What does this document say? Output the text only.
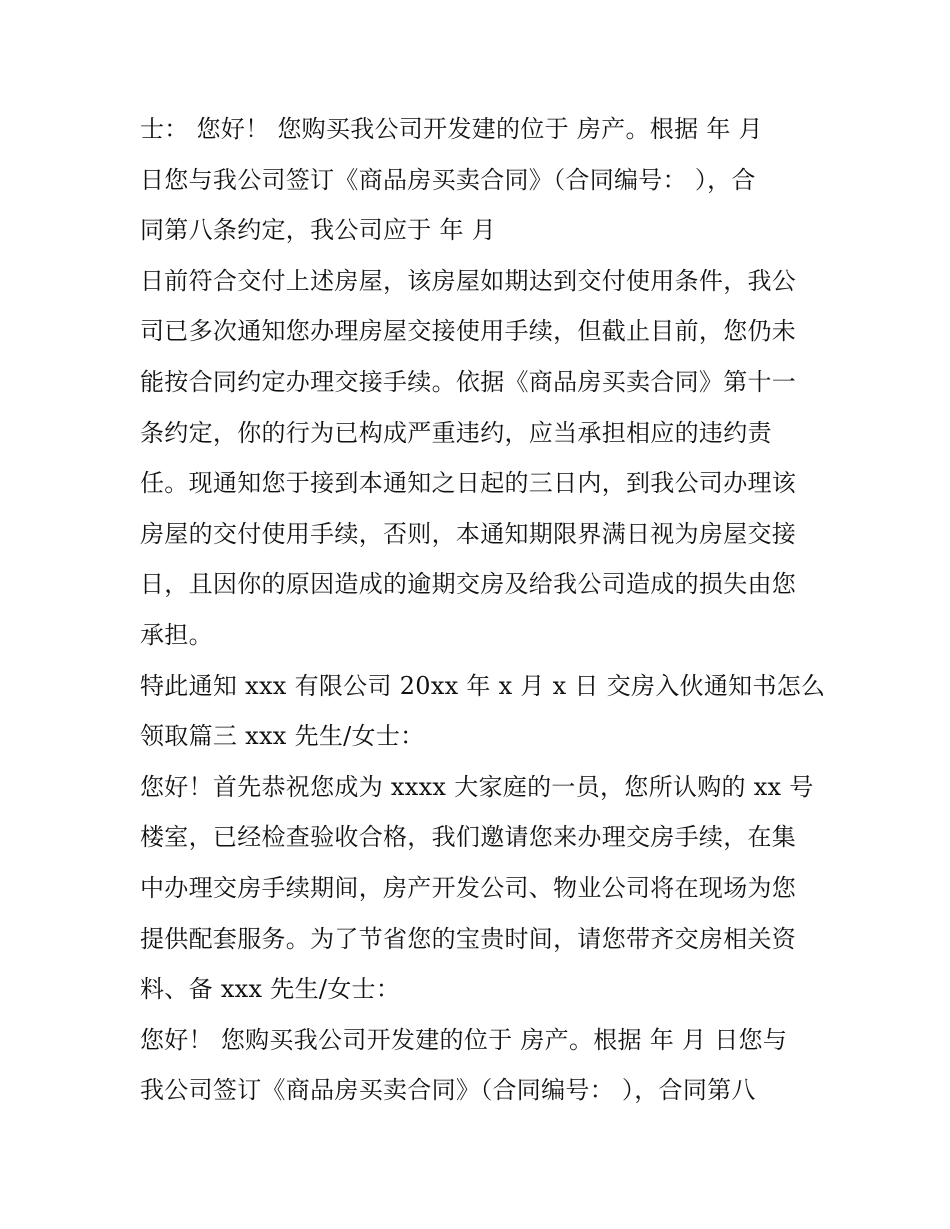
士： 您好！ 您购买我公司开发建的位于 房产。根据 年 月
日您与我公司签订《商品房买卖合同》（合同编号： ），合
同第八条约定，我公司应于 年 月
日前符合交付上述房屋，该房屋如期达到交付使用条件，我公
司已多次通知您办理房屋交接使用手续，但截止目前，您仍未
能按合同约定办理交接手续。依据《商品房买卖合同》第十一
条约定，你的行为已构成严重违约，应当承担相应的违约责
任。现通知您于接到本通知之日起的三日内，到我公司办理该
房屋的交付使用手续，否则，本通知期限界满日视为房屋交接
日，且因你的原因造成的逾期交房及给我公司造成的损失由您
承担。
特此通知 xxx 有限公司 20xx 年 x 月 x 日 交房入伙通知书怎么
领取篇三 xxx 先生/女士：
您好！首先恭祝您成为 xxxx 大家庭的一员，您所认购的 xx 号
楼室，已经检查验收合格，我们邀请您来办理交房手续，在集
中办理交房手续期间，房产开发公司、物业公司将在现场为您
提供配套服务。为了节省您的宝贵时间，请您带齐交房相关资
料、备 xxx 先生/女士：
您好！ 您购买我公司开发建的位于 房产。根据 年 月 日您与
我公司签订《商品房买卖合同》（合同编号： ），合同第八
